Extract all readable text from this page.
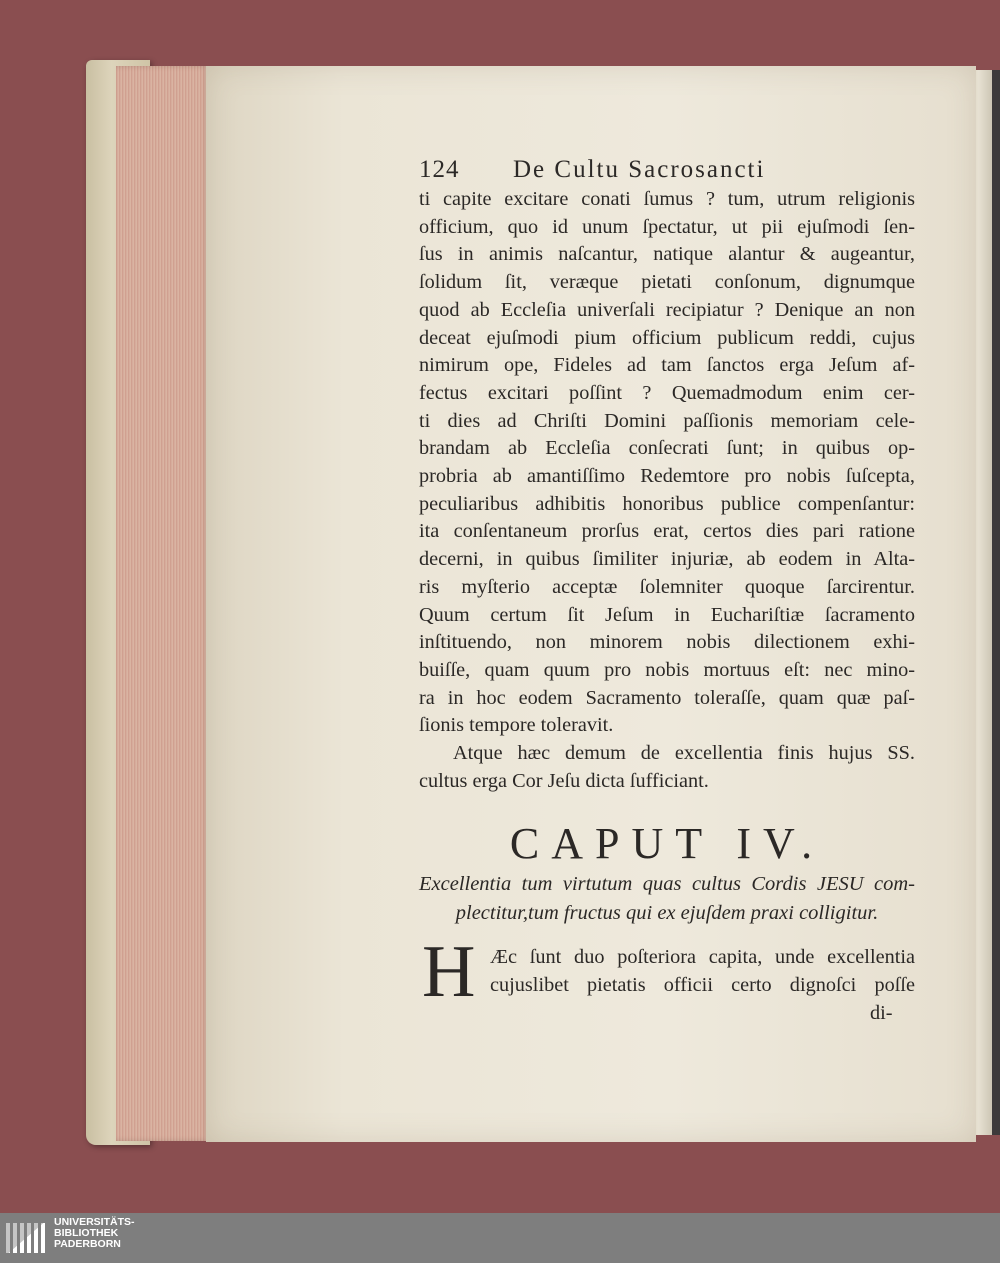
124 De Cultu Sacrosancti
ti capite excitare conati ſumus ? tum, utrum religionis
officium, quo id unum ſpectatur, ut pii ejuſmodi ſen-
ſus in animis naſcantur, natique alantur & augeantur,
ſolidum ſit, veræque pietati conſonum, dignumque
quod ab Eccleſia univerſali recipiatur ? Denique an non
deceat ejuſmodi pium officium publicum reddi, cujus
nimirum ope, Fideles ad tam ſanctos erga Jeſum af-
fectus excitari poſſint ? Quemadmodum enim cer-
ti dies ad Chriſti Domini paſſionis memoriam cele-
brandam ab Eccleſia conſecrati ſunt; in quibus op-
probria ab amantiſſimo Redemtore pro nobis ſuſcepta,
peculiaribus adhibitis honoribus publice compenſantur:
ita conſentaneum prorſus erat, certos dies pari ratione
decerni, in quibus ſimiliter injuriæ, ab eodem in Alta-
ris myſterio acceptæ ſolemniter quoque ſarcirentur.
Quum certum ſit Jeſum in Euchariſtiæ ſacramento
inſtituendo, non minorem nobis dilectionem exhi-
buiſſe, quam quum pro nobis mortuus eſt: nec mino-
ra in hoc eodem Sacramento toleraſſe, quam quæ paſ-
ſionis tempore toleravit.
Atque hæc demum de excellentia finis hujus SS.
cultus erga Cor Jeſu dicta ſufficiant.
CAPUT IV.
Excellentia tum virtutum quas cultus Cordis JESU com-
plectitur,tum fructus qui ex ejuſdem praxi colligitur.
H Æc ſunt duo poſteriora capita, unde excellentia
cujuslibet pietatis officii certo dignoſci poſſe
di-
UNIVERSITÄTS-
BIBLIOTHEK
PADERBORN
